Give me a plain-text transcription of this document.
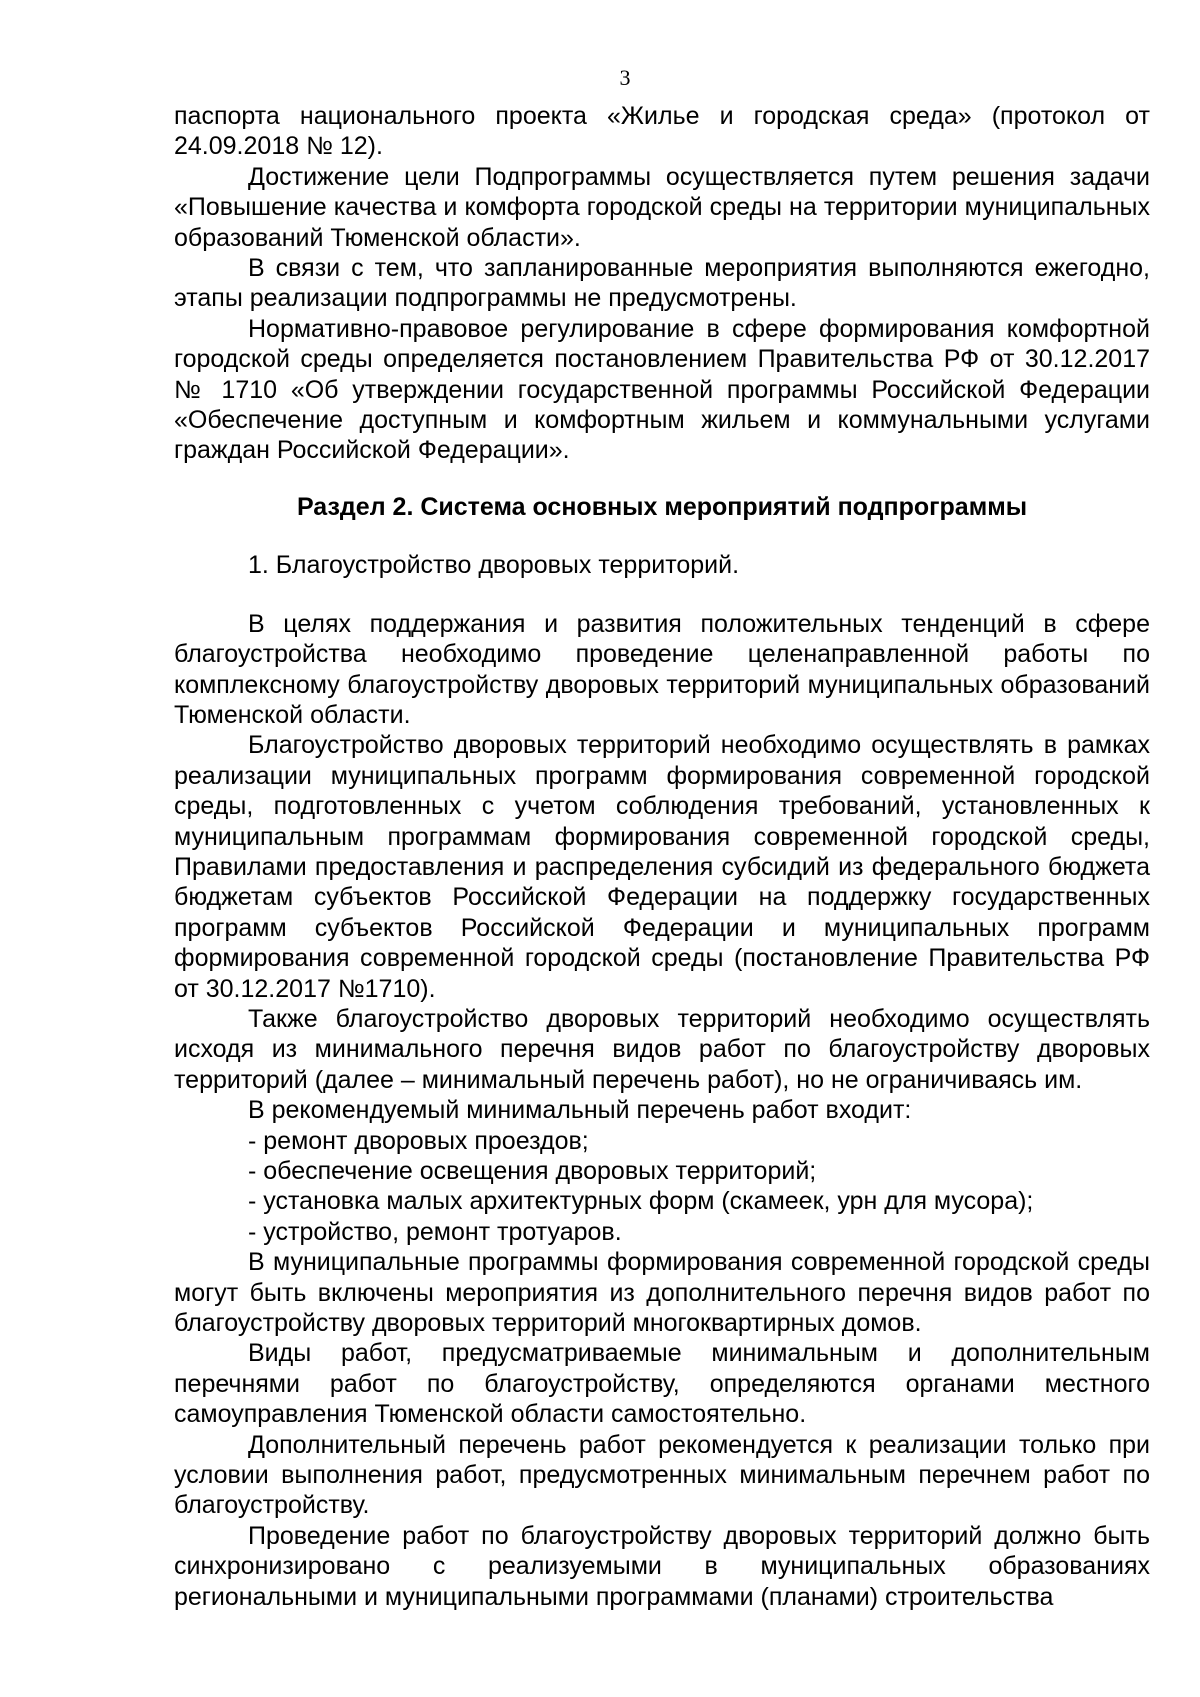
3

паспорта национального проекта «Жилье и городская среда» (протокол от 24.09.2018 № 12).

Достижение цели Подпрограммы осуществляется путем решения задачи «Повышение качества и комфорта городской среды на территории муниципальных образований Тюменской области».

В связи с тем, что запланированные мероприятия выполняются ежегодно, этапы реализации подпрограммы не предусмотрены.

Нормативно-правовое регулирование в сфере формирования комфортной городской среды определяется постановлением Правительства РФ от 30.12.2017 № 1710 «Об утверждении государственной программы Российской Федерации «Обеспечение доступным и комфортным жильем и коммунальными услугами граждан Российской Федерации».

Раздел 2. Система основных мероприятий подпрограммы

1. Благоустройство дворовых территорий.

В целях поддержания и развития положительных тенденций в сфере благоустройства необходимо проведение целенаправленной работы по комплексному благоустройству дворовых территорий муниципальных образований Тюменской области.

Благоустройство дворовых территорий необходимо осуществлять в рамках реализации муниципальных программ формирования современной городской среды, подготовленных с учетом соблюдения требований, установленных к муниципальным программам формирования современной городской среды, Правилами предоставления и распределения субсидий из федерального бюджета бюджетам субъектов Российской Федерации на поддержку государственных программ субъектов Российской Федерации и муниципальных программ формирования современной городской среды (постановление Правительства РФ от 30.12.2017 №1710).

Также благоустройство дворовых территорий необходимо осуществлять исходя из минимального перечня видов работ по благоустройству дворовых территорий (далее – минимальный перечень работ), но не ограничиваясь им.

В рекомендуемый минимальный перечень работ входит:

- ремонт дворовых проездов;

- обеспечение освещения дворовых территорий;

- установка малых архитектурных форм (скамеек, урн для мусора);

- устройство, ремонт тротуаров.

В муниципальные программы формирования современной городской среды могут быть включены мероприятия из дополнительного перечня видов работ по благоустройству дворовых территорий многоквартирных домов.

Виды работ, предусматриваемые минимальным и дополнительным перечнями работ по благоустройству, определяются органами местного самоуправления Тюменской области самостоятельно.

Дополнительный перечень работ рекомендуется к реализации только при условии выполнения работ, предусмотренных минимальным перечнем работ по благоустройству.

Проведение работ по благоустройству дворовых территорий должно быть синхронизировано с реализуемыми в муниципальных образованиях региональными и муниципальными программами (планами) строительства
